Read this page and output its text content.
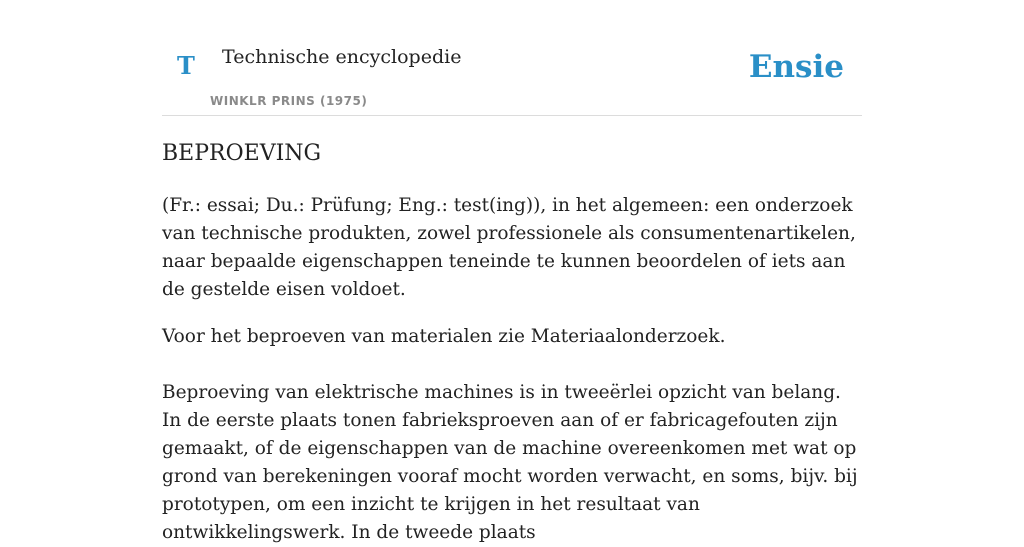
T Technische encyclopedie
WINKLR PRINS (1975)
Ensie
BEPROEVING

(Fr.: essai; Du.: Prüfung; Eng.: test(ing)), in het algemeen: een onderzoek van technische produkten, zowel professionele als consumentenartikelen, naar bepaalde eigenschappen teneinde te kunnen beoordelen of iets aan de gestelde eisen voldoet.

Voor het beproeven van materialen zie Materiaalonderzoek.

Beproeving van elektrische machines is in tweeërlei opzicht van belang. In de eerste plaats tonen fabrieksproeven aan of er fabricagefouten zijn gemaakt, of de eigenschappen van de machine overeenkomen met wat op grond van berekeningen vooraf mocht worden verwacht, en soms, bijv. bij prototypen, om een inzicht te krijgen in het resultaat van ontwikkelingswerk. In de tweede plaats
